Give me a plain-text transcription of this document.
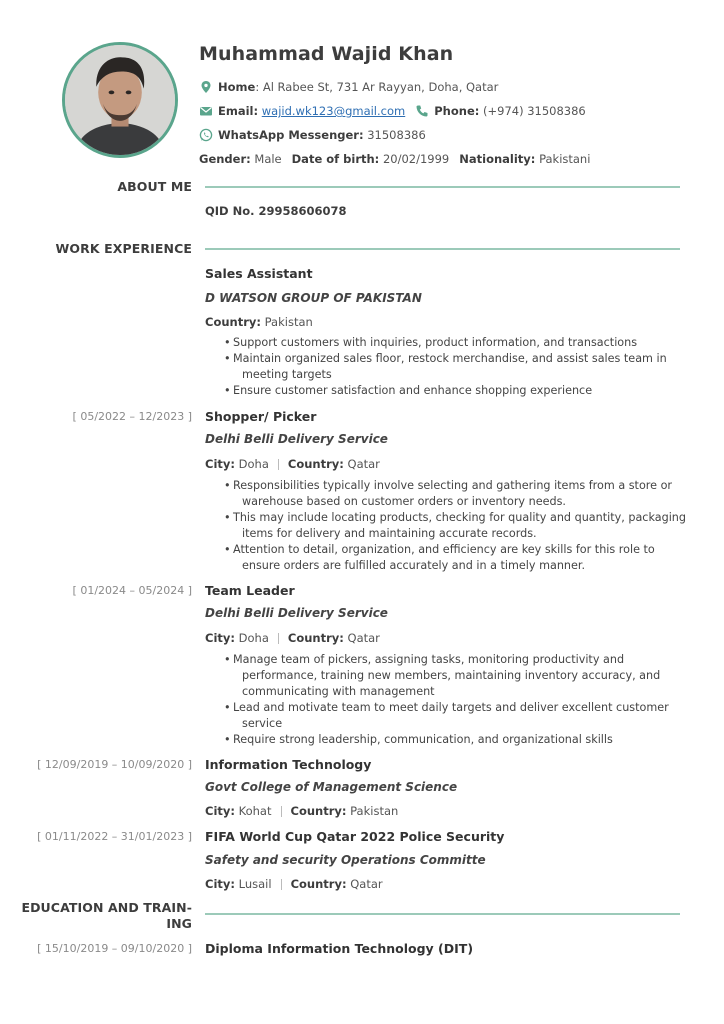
Muhammad Wajid Khan
Home : Al Rabee St, 731 Ar Rayyan, Doha, Qatar
Email:
wajid.wk123@gmail.com	Phone:
(+974) 31508386
WhatsApp Messenger:
31508386
Gender:
Male Date of birth:
20/02/1999 Nationality:
Pakistani
ABOUT ME
QID No. 29958606078
WORK EXPERIENCE
Sales Assistant
D WATSON GROUP OF PAKISTAN
Country: Pakistan
• Support customers with inquiries, product information, and transactions
• Maintain organized sales floor, restock merchandise, and assist sales team in
meeting targets
• Ensure customer satisfaction and enhance shopping experience
[ 05/2022 – 12/2023 ] Shopper/ Picker
Delhi Belli Delivery Service
City: Doha Country: Qatar
• Responsibilities typically involve selecting and gathering items from a store or
warehouse based on customer orders or inventory needs.
• This may include locating products, checking for quality and quantity, packaging
items for delivery and maintaining accurate records.
• Attention to detail, organization, and efficiency are key skills for this role to
ensure orders are fulfilled accurately and in a timely manner.
[ 01/2024 – 05/2024 ] Team Leader
Delhi Belli Delivery Service
City: Doha Country: Qatar
• Manage team of pickers, assigning tasks, monitoring productivity and
performance, training new members, maintaining inventory accuracy, and
communicating with management
• Lead and motivate team to meet daily targets and deliver excellent customer
service
• Require strong leadership, communication, and organizational skills
[ 12/09/2019 – 10/09/2020 ] Information Technology
Govt College of Management Science
City: Kohat Country: Pakistan
[ 01/11/2022 – 31/01/2023 ] FIFA World Cup Qatar 2022 Police Security
Safety and security Operations Committe
City: Lusail Country: Qatar
EDUCATION AND TRAIN-
ING
[ 15/10/2019 – 09/10/2020 ] Diploma Information Technology (DIT)
